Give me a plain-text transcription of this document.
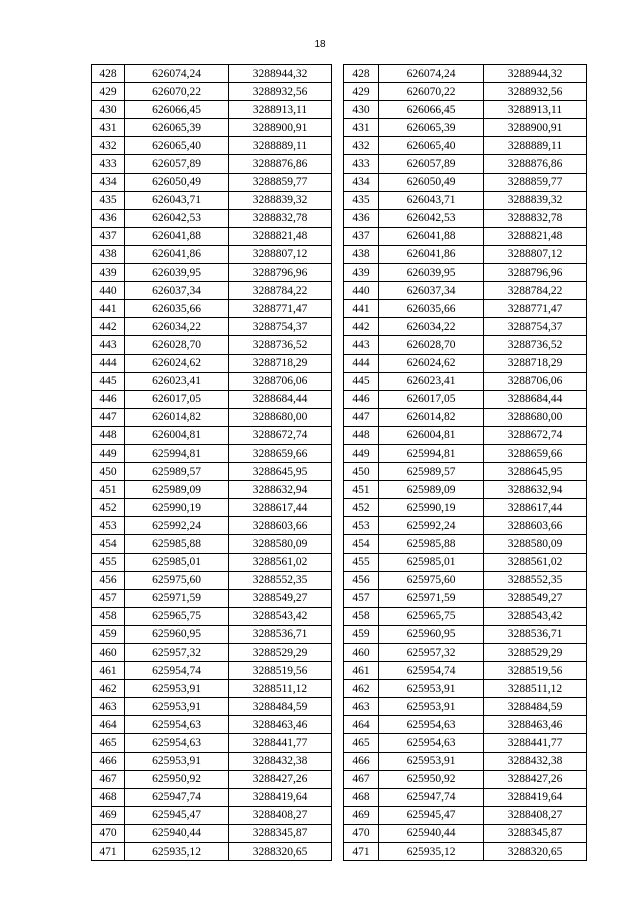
18
428	626074,24	3288944,32
429	626070,22	3288932,56
430	626066,45	3288913,11
431	626065,39	3288900,91
432	626065,40	3288889,11
433	626057,89	3288876,86
434	626050,49	3288859,77
435	626043,71	3288839,32
436	626042,53	3288832,78
437	626041,88	3288821,48
438	626041,86	3288807,12
439	626039,95	3288796,96
440	626037,34	3288784,22
441	626035,66	3288771,47
442	626034,22	3288754,37
443	626028,70	3288736,52
444	626024,62	3288718,29
445	626023,41	3288706,06
446	626017,05	3288684,44
447	626014,82	3288680,00
448	626004,81	3288672,74
449	625994,81	3288659,66
450	625989,57	3288645,95
451	625989,09	3288632,94
452	625990,19	3288617,44
453	625992,24	3288603,66
454	625985,88	3288580,09
455	625985,01	3288561,02
456	625975,60	3288552,35
457	625971,59	3288549,27
458	625965,75	3288543,42
459	625960,95	3288536,71
460	625957,32	3288529,29
461	625954,74	3288519,56
462	625953,91	3288511,12
463	625953,91	3288484,59
464	625954,63	3288463,46
465	625954,63	3288441,77
466	625953,91	3288432,38
467	625950,92	3288427,26
468	625947,74	3288419,64
469	625945,47	3288408,27
470	625940,44	3288345,87
471	625935,12	3288320,65
428	626074,24	3288944,32
429	626070,22	3288932,56
430	626066,45	3288913,11
431	626065,39	3288900,91
432	626065,40	3288889,11
433	626057,89	3288876,86
434	626050,49	3288859,77
435	626043,71	3288839,32
436	626042,53	3288832,78
437	626041,88	3288821,48
438	626041,86	3288807,12
439	626039,95	3288796,96
440	626037,34	3288784,22
441	626035,66	3288771,47
442	626034,22	3288754,37
443	626028,70	3288736,52
444	626024,62	3288718,29
445	626023,41	3288706,06
446	626017,05	3288684,44
447	626014,82	3288680,00
448	626004,81	3288672,74
449	625994,81	3288659,66
450	625989,57	3288645,95
451	625989,09	3288632,94
452	625990,19	3288617,44
453	625992,24	3288603,66
454	625985,88	3288580,09
455	625985,01	3288561,02
456	625975,60	3288552,35
457	625971,59	3288549,27
458	625965,75	3288543,42
459	625960,95	3288536,71
460	625957,32	3288529,29
461	625954,74	3288519,56
462	625953,91	3288511,12
463	625953,91	3288484,59
464	625954,63	3288463,46
465	625954,63	3288441,77
466	625953,91	3288432,38
467	625950,92	3288427,26
468	625947,74	3288419,64
469	625945,47	3288408,27
470	625940,44	3288345,87
471	625935,12	3288320,65
